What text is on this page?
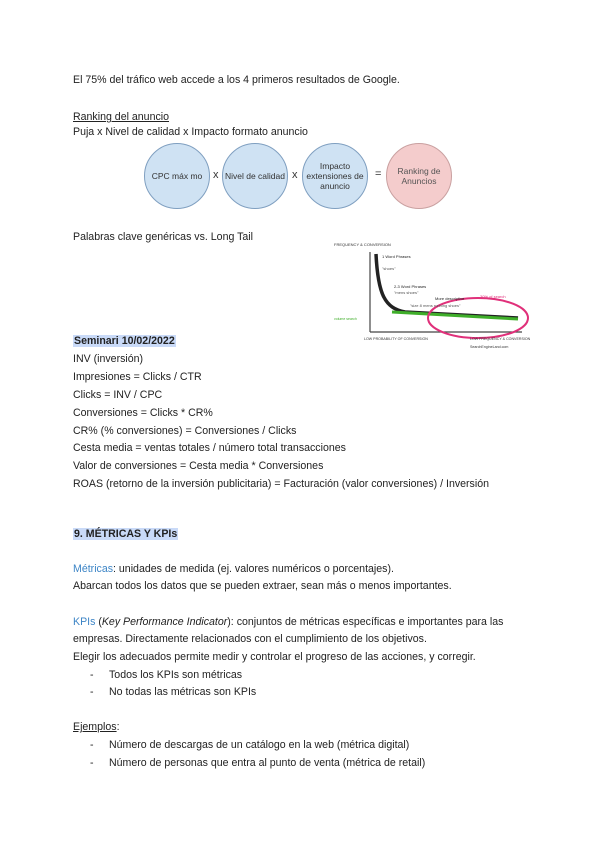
El 75% del tráfico web accede a los 4 primeros resultados de Google.
Ranking del anuncio
Puja x Nivel de calidad x Impacto formato anuncio
CPC máx mo x Nivel de calidad x
Impacto extensiones de anuncio
=	Ranking de Anuncios
Palabras clave genéricas vs. Long Tail
FREQUENCY & CONVERSION
1 Word Phrases
"shoes"
2-3 Word Phrases
"mens shoes"
More descriptive
"size 8 mens running shoes"
30% of search
volume search
LOW PROBABILITY OF CONVERSION	LOW FREQUENCY & CONVERSION
SearchEngineLand.com
Seminari 10/02/2022
INV (inversión)
Impresiones = Clicks / CTR
Clicks = INV / CPC
Conversiones = Clicks * CR%
CR% (% conversiones) = Conversiones / Clicks
Cesta media = ventas totales / número total transacciones
Valor de conversiones = Cesta media * Conversiones
ROAS (retorno de la inversión publicitaria) = Facturación (valor conversiones) / Inversión
9. MÉTRICAS Y KPIs
Métricas: unidades de medida (ej. valores numéricos o porcentajes).
Abarcan todos los datos que se pueden extraer, sean más o menos importantes.
KPIs (Key Performance Indicator): conjuntos de métricas específicas e importantes para las
empresas. Directamente relacionados con el cumplimiento de los objetivos.
Elegir los adecuados permite medir y controlar el progreso de las acciones, y corregir.
- Todos los KPIs son métricas
- No todas las métricas son KPIs
Ejemplos:
- Número de descargas de un catálogo en la web (métrica digital)
- Número de personas que entra al punto de venta (métrica de retail)
